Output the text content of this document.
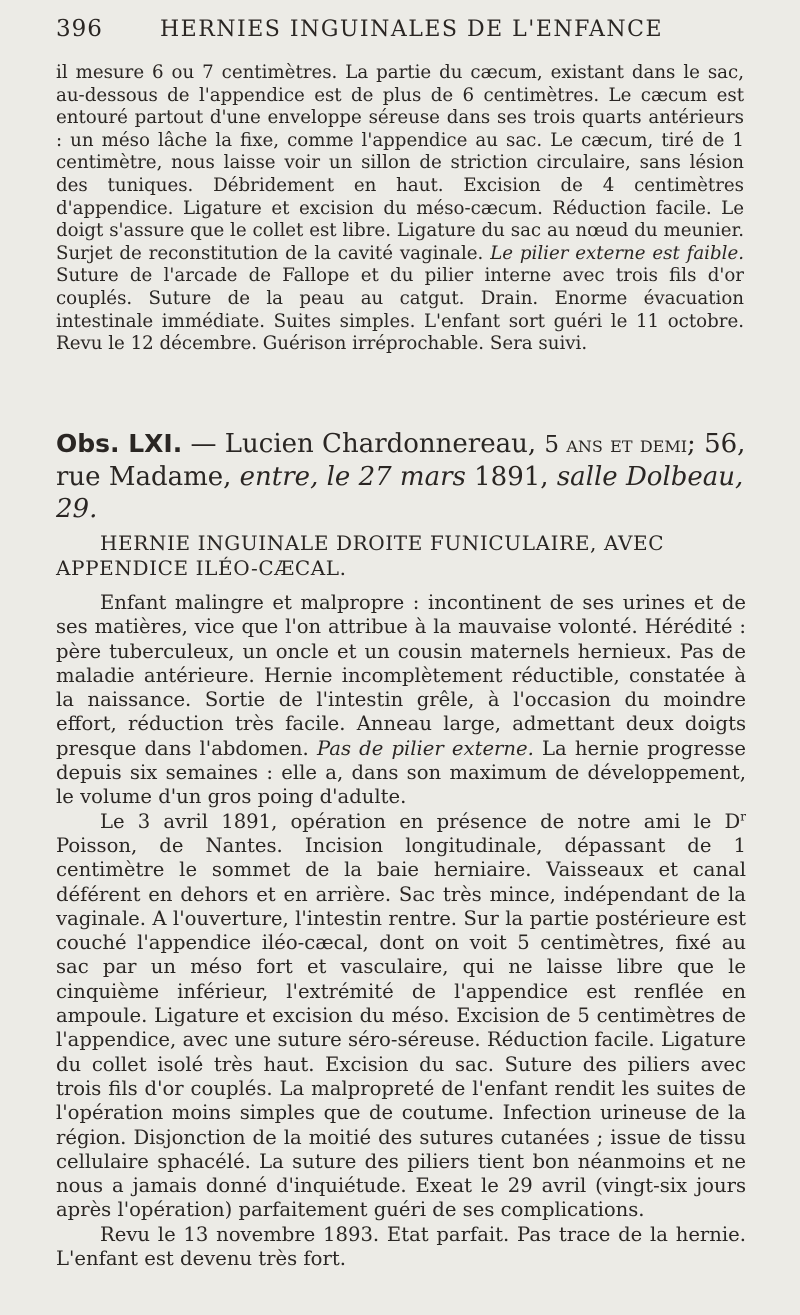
396	HERNIES INGUINALES DE L'ENFANCE

il mesure 6 ou 7 centimètres. La partie du cæcum, existant dans le sac, au-dessous de l'appendice est de plus de 6 centimètres. Le cæcum est entouré partout d'une enveloppe séreuse dans ses trois quarts antérieurs : un méso lâche la fixe, comme l'appendice au sac. Le cæcum, tiré de 1 centimètre, nous laisse voir un sillon de striction circulaire, sans lésion des tuniques. Débridement en haut. Excision de 4 centimètres d'appendice. Ligature et excision du méso-cæcum. Réduction facile. Le doigt s'assure que le collet est libre. Ligature du sac au nœud du meunier. Surjet de reconstitution de la cavité vaginale. Le pilier externe est faible. Suture de l'arcade de Fallope et du pilier interne avec trois fils d'or couplés. Suture de la peau au catgut. Drain. Enorme évacuation intestinale immédiate. Suites simples. L'enfant sort guéri le 11 octobre. Revu le 12 décembre. Guérison irréprochable. Sera suivi.

Obs. LXI. — Lucien Chardonnereau, 5 ans et demi; 56, rue Madame, entre, le 27 mars 1891, salle Dolbeau, 29.

HERNIE INGUINALE DROITE FUNICULAIRE, AVEC
APPENDICE ILÉO-CÆCAL.

Enfant malingre et malpropre : incontinent de ses urines et de ses matières, vice que l'on attribue à la mauvaise volonté. Hérédité : père tuberculeux, un oncle et un cousin maternels hernieux. Pas de maladie antérieure. Hernie incomplètement réductible, constatée à la naissance. Sortie de l'intestin grêle, à l'occasion du moindre effort, réduction très facile. Anneau large, admettant deux doigts presque dans l'abdomen. Pas de pilier externe. La hernie progresse depuis six semaines : elle a, dans son maximum de développement, le volume d'un gros poing d'adulte.

Le 3 avril 1891, opération en présence de notre ami le $D^r$ Poisson, de Nantes. Incision longitudinale, dépassant de 1 centimètre le sommet de la baie herniaire. Vaisseaux et canal déférent en dehors et en arrière. Sac très mince, indépendant de la vaginale. A l'ouverture, l'intestin rentre. Sur la partie postérieure est couché l'appendice iléo-cæcal, dont on voit 5 centimètres, fixé au sac par un méso fort et vasculaire, qui ne laisse libre que le cinquième inférieur, l'extrémité de l'appendice est renflée en ampoule. Ligature et excision du méso. Excision de 5 centimètres de l'appendice, avec une suture séro-séreuse. Réduction facile. Ligature du collet isolé très haut. Excision du sac. Suture des piliers avec trois fils d'or couplés. La malpropreté de l'enfant rendit les suites de l'opération moins simples que de coutume. Infection urineuse de la région. Disjonction de la moitié des sutures cutanées ; issue de tissu cellulaire sphacélé. La suture des piliers tient bon néanmoins et ne nous a jamais donné d'inquiétude. Exeat le 29 avril (vingt-six jours après l'opération) parfaitement guéri de ses complications.

Revu le 13 novembre 1893. Etat parfait. Pas trace de la hernie. L'enfant est devenu très fort.
